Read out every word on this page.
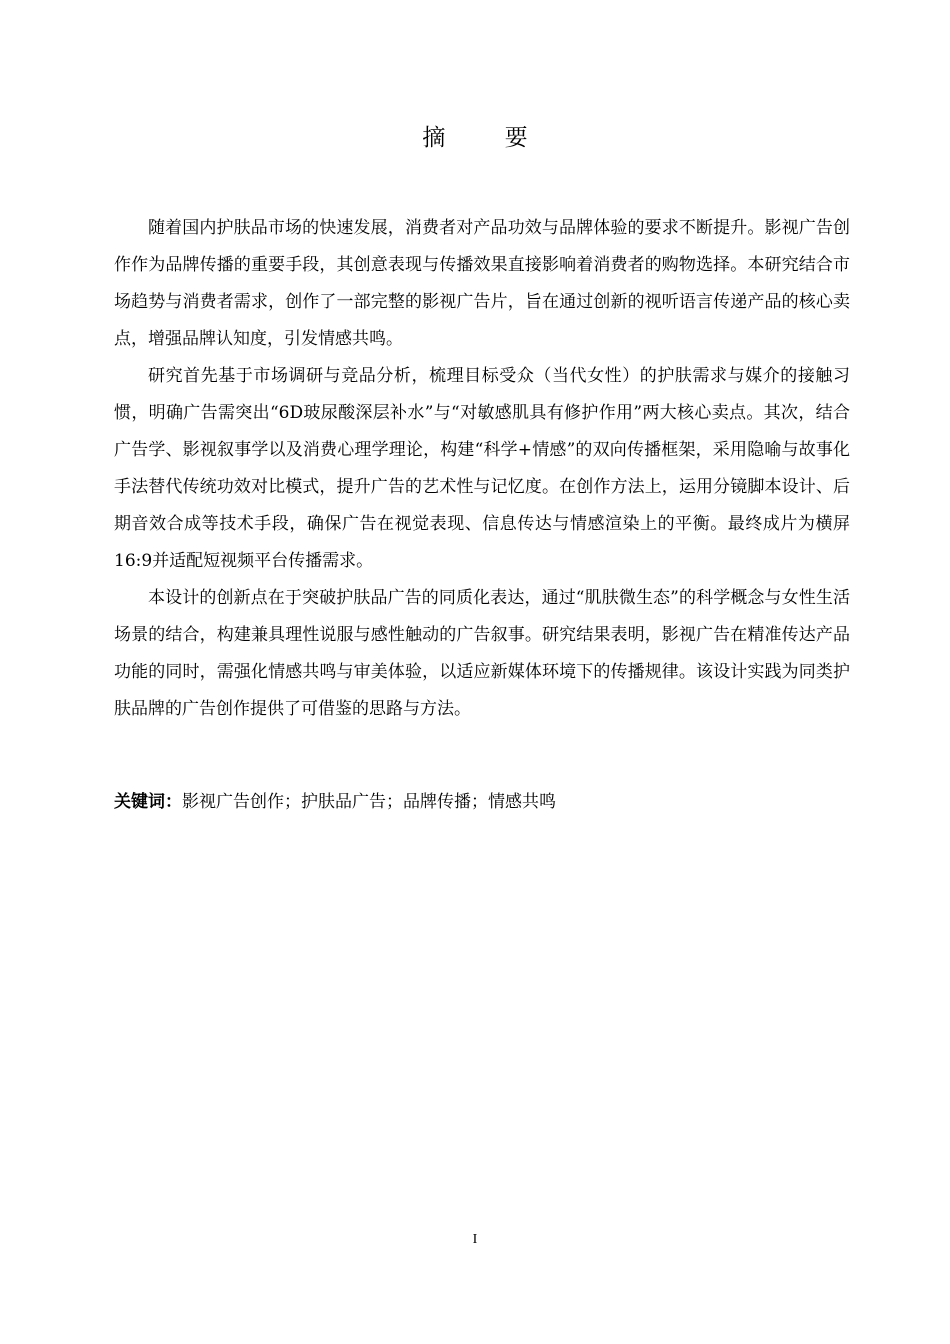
摘 要

随着国内护肤品市场的快速发展，消费者对产品功效与品牌体验的要求不断提升。影视广告创作作为品牌传播的重要手段，其创意表现与传播效果直接影响着消费者的购物选择。本研究结合市场趋势与消费者需求，创作了一部完整的影视广告片，旨在通过创新的视听语言传递产品的核心卖点，增强品牌认知度，引发情感共鸣。

研究首先基于市场调研与竞品分析，梳理目标受众（当代女性）的护肤需求与媒介的接触习惯，明确广告需突出“6D玻尿酸深层补水”与“对敏感肌具有修护作用”两大核心卖点。其次，结合广告学、影视叙事学以及消费心理学理论，构建“科学+情感”的双向传播框架，采用隐喻与故事化手法替代传统功效对比模式，提升广告的艺术性与记忆度。在创作方法上，运用分镜脚本设计、后期音效合成等技术手段，确保广告在视觉表现、信息传达与情感渲染上的平衡。最终成片为横屏16:9并适配短视频平台传播需求。

本设计的创新点在于突破护肤品广告的同质化表达，通过“肌肤微生态”的科学概念与女性生活场景的结合，构建兼具理性说服与感性触动的广告叙事。研究结果表明，影视广告在精准传达产品功能的同时，需强化情感共鸣与审美体验，以适应新媒体环境下的传播规律。该设计实践为同类护肤品牌的广告创作提供了可借鉴的思路与方法。

关键词：影视广告创作；护肤品广告；品牌传播；情感共鸣
I
